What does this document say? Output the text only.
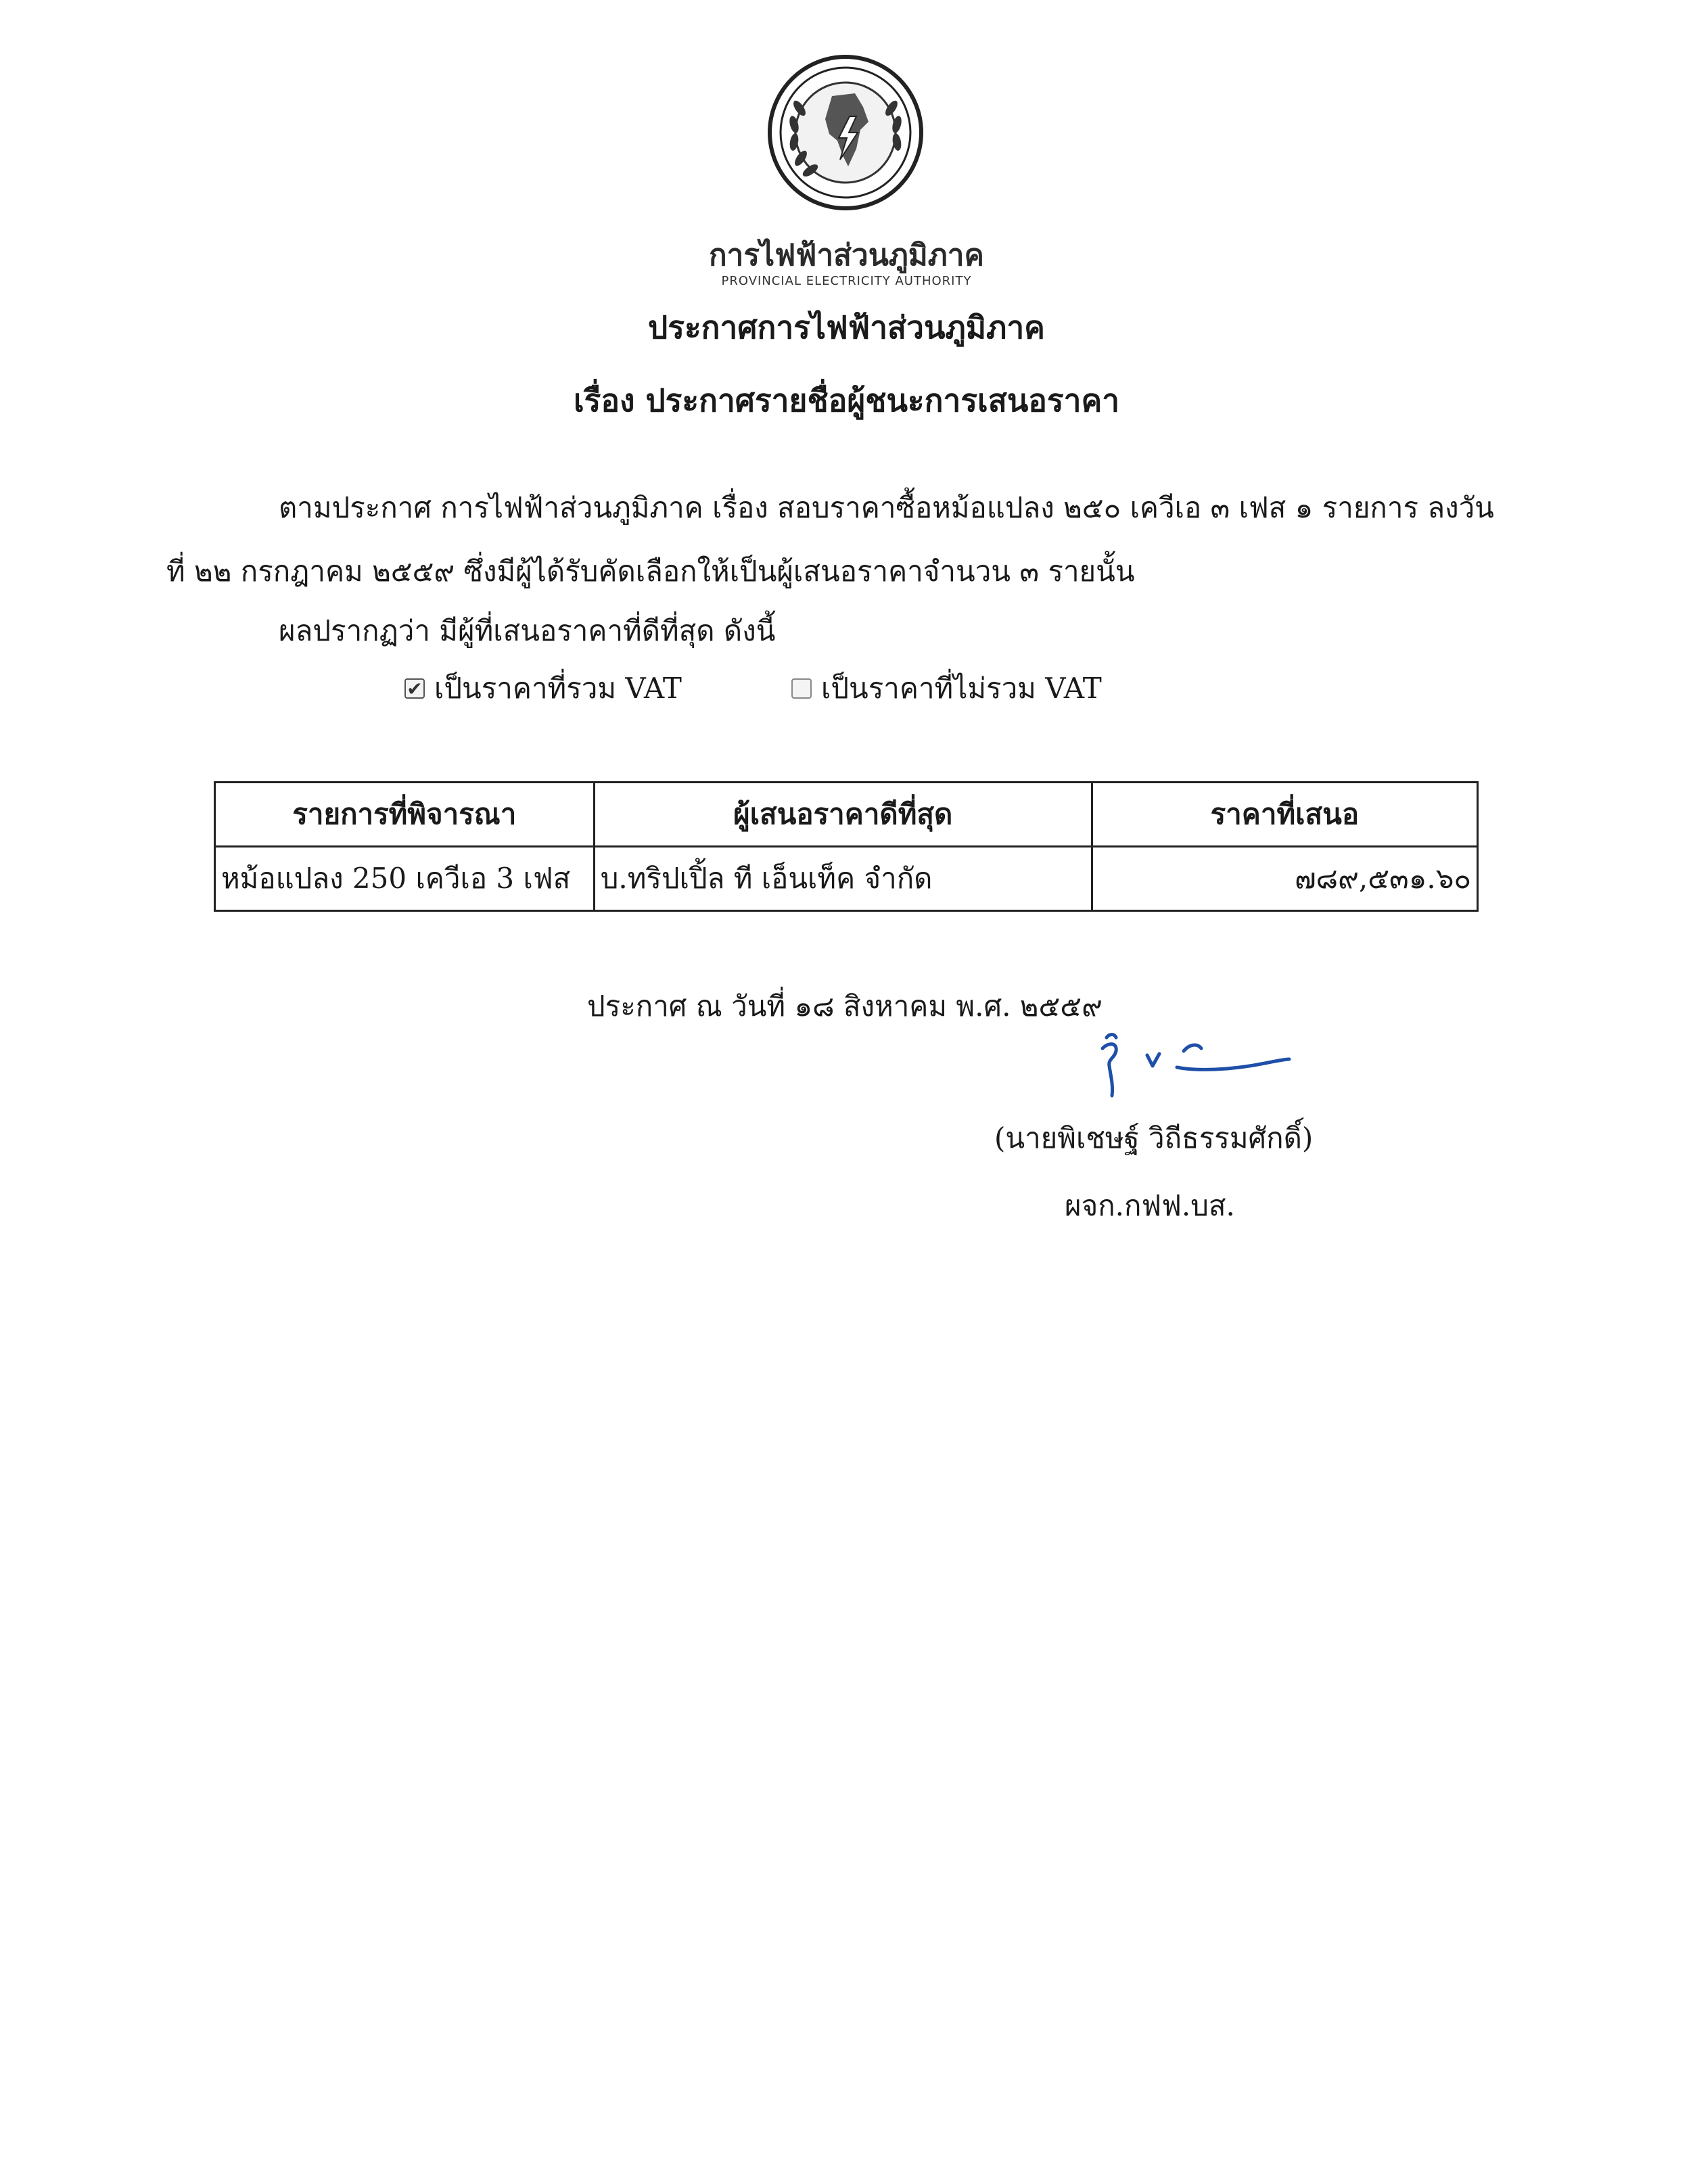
การไฟฟ้าส่วนภูมิภาค
PROVINCIAL ELECTRICITY AUTHORITY
ประกาศการไฟฟ้าส่วนภูมิภาค
เรื่อง ประกาศรายชื่อผู้ชนะการเสนอราคา
ตามประกาศ การไฟฟ้าส่วนภูมิภาค เรื่อง สอบราคาซื้อหม้อแปลง ๒๕๐ เควีเอ ๓ เฟส ๑ รายการ ลงวัน
ที่ ๒๒ กรกฎาคม ๒๕๕๙ ซึ่งมีผู้ได้รับคัดเลือกให้เป็นผู้เสนอราคาจำนวน ๓ รายนั้น
ผลปรากฏว่า มีผู้ที่เสนอราคาที่ดีที่สุด ดังนี้
✔ เป็นราคาที่รวม VAT	เป็นราคาที่ไม่รวม VAT
รายการที่พิจารณา	ผู้เสนอราคาดีที่สุด	ราคาที่เสนอ
หม้อแปลง 250 เควีเอ 3 เฟส	บ.ทริปเปิ้ล ที เอ็นเท็ค จำกัด	๗๘๙,๕๓๑.๖๐
ประกาศ ณ วันที่ ๑๘ สิงหาคม พ.ศ. ๒๕๕๙
(นายพิเชษฐ์ วิถีธรรมศักดิ์)
ผจก.กฟฟ.บส.
